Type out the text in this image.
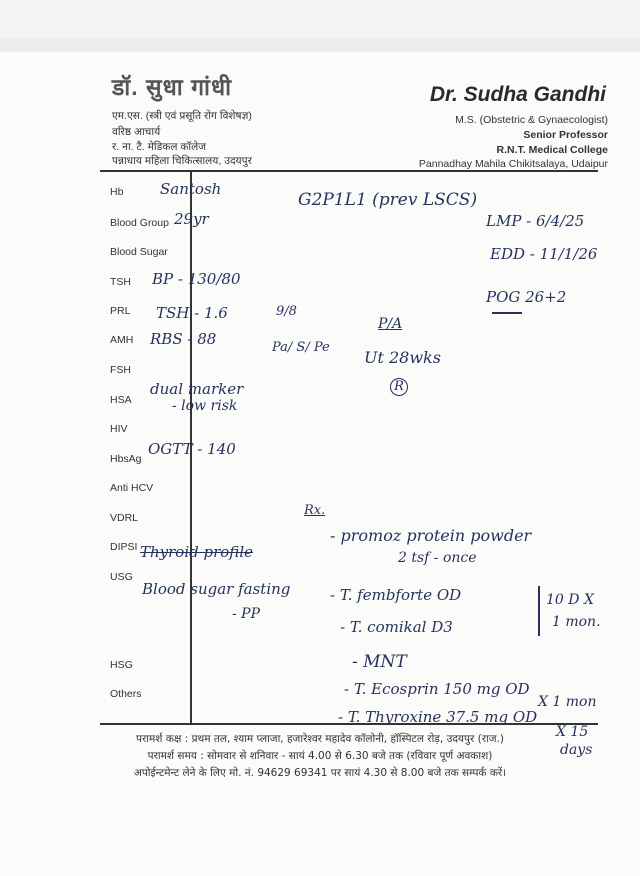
डॉ. सुधा गांधी
एम.एस. (स्त्री एवं प्रसूति रोग विशेषज्ञ)
वरिष्ठ आचार्य
र. ना. टै. मेडिकल कॉलेज
पन्नाधाय महिला चिकित्सालय, उदयपुर
Dr. Sudha Gandhi
M.S. (Obstetric & Gynaecologist)
Senior Professor
R.N.T. Medical College
Pannadhay Mahila Chikitsalaya, Udaipur
Hb
Blood Group
Blood Sugar
TSH
PRL
AMH
FSH
HSA
HIV
HbsAg
Anti HCV
VDRL
DIPSI
USG
HSG
Others
Santosh
29yr
G2P1L1 (prev LSCS)
LMP - 6/4/25
EDD - 11/1/26
POG 26+2
BP - 130/80
TSH - 1.6	9/8
RBS - 88	Pa/ S/ Pe
P/A
Ut 28wks
R
dual marker
- low risk
OGTT - 140
Rx.
Thyroid profile
Blood sugar fasting
- PP
- promoz protein powder
2 tsf - once
- T. fembforte OD
- T. comikal D3
10 D X
1 mon.
- MNT
- T. Ecosprin 150 mg OD
X 1 mon
- T. Thyroxine 37.5 mg OD
X 15
days
परामर्श कक्ष : प्रथम तल, श्याम प्लाजा, हजारेश्वर महादेव कॉलोनी, हॉस्पिटल रोड़, उदयपुर (राज.)
परामर्श समय : सोमवार से शनिवार - सायं 4.00 से 6.30 बजे तक (रविवार पूर्ण अवकाश)
अपोईन्टमेन्ट लेने के लिए मो. नं. 94629 69341 पर सायं 4.30 से 8.00 बजे तक सम्पर्क करें।
